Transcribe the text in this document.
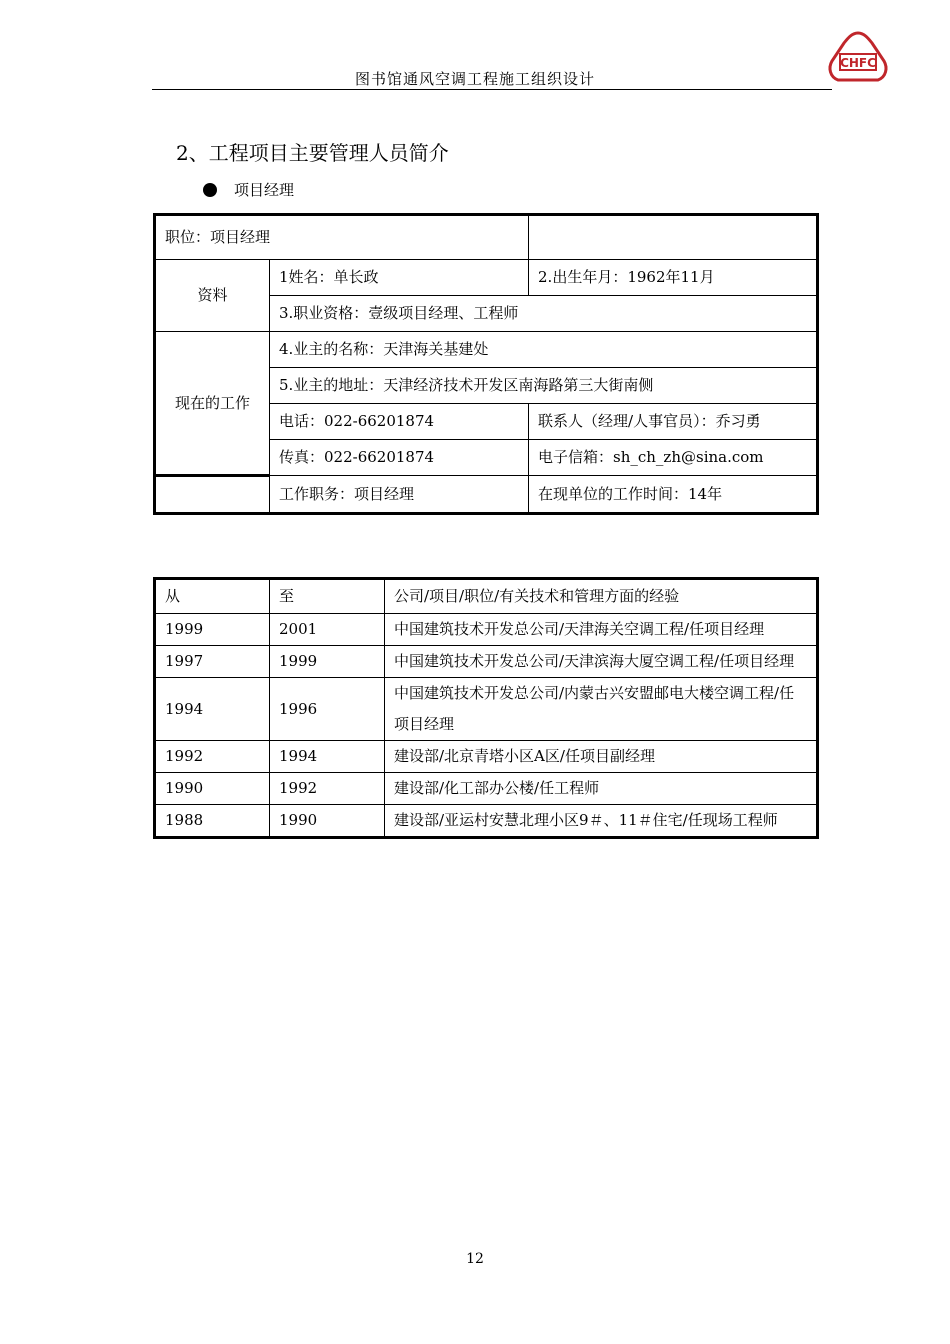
图书馆通风空调工程施工组织设计
CHFC
2、工程项目主要管理人员简介
项目经理
职位：项目经理		
资料	1姓名：单长政	2.出生年月：1962年11月
	3.职业资格：壹级项目经理、工程师	
现在的工作	4.业主的名称：天津海关基建处	
	5.业主的地址：天津经济技术开发区南海路第三大街南侧	
	电话：022-66201874	联系人（经理/人事官员）：乔习勇
	传真：022-66201874	电子信箱：sh_ch_zh@sina.com
	工作职务：项目经理	在现单位的工作时间：14年
从	至	公司/项目/职位/有关技术和管理方面的经验
1999	2001	中国建筑技术开发总公司/天津海关空调工程/任项目经理
1997	1999	中国建筑技术开发总公司/天津滨海大厦空调工程/任项目经理
1994	1996	中国建筑技术开发总公司/内蒙古兴安盟邮电大楼空调工程/任项目经理
1992	1994	建设部/北京青塔小区A区/任项目副经理
1990	1992	建设部/化工部办公楼/任工程师
1988	1990	建设部/亚运村安慧北理小区9＃、11＃住宅/任现场工程师
12
